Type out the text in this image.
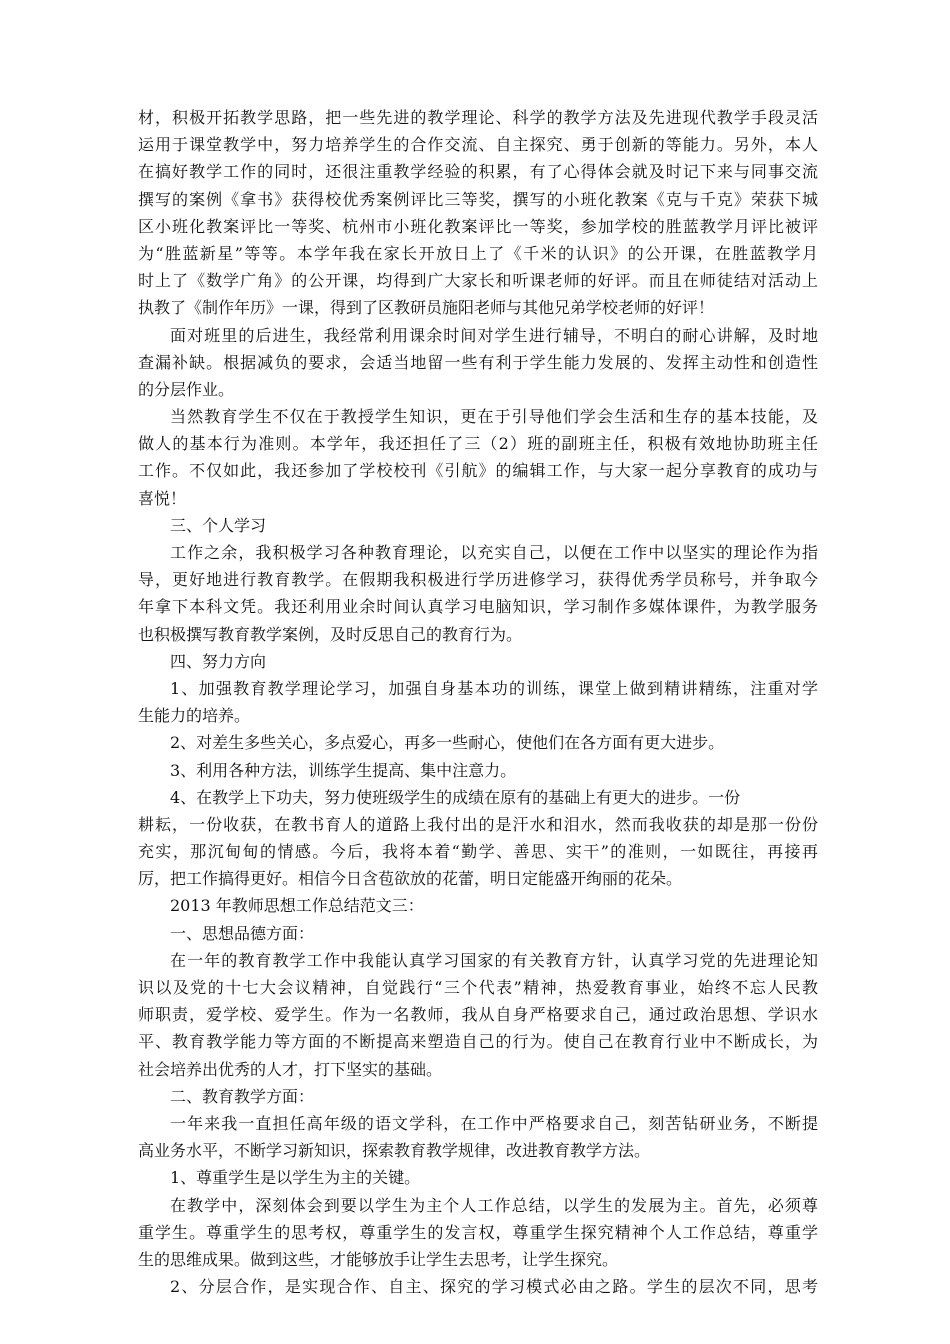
材，积极开拓教学思路，把一些先进的教学理论、科学的教学方法及先进现代教学手段灵活
运用于课堂教学中，努力培养学生的合作交流、自主探究、勇于创新的等能力。另外，本人
在搞好教学工作的同时，还很注重教学经验的积累，有了心得体会就及时记下来与同事交流
撰写的案例《拿书》获得校优秀案例评比三等奖，撰写的小班化教案《克与千克》荣获下城
区小班化教案评比一等奖、杭州市小班化教案评比一等奖，参加学校的胜蓝教学月评比被评
为“胜蓝新星”等等。本学年我在家长开放日上了《千米的认识》的公开课，在胜蓝教学月
时上了《数学广角》的公开课，均得到广大家长和听课老师的好评。而且在师徒结对活动上
执教了《制作年历》一课，得到了区教研员施阳老师与其他兄弟学校老师的好评！
面对班里的后进生，我经常利用课余时间对学生进行辅导，不明白的耐心讲解，及时地
查漏补缺。根据减负的要求，会适当地留一些有利于学生能力发展的、发挥主动性和创造性
的分层作业。
当然教育学生不仅在于教授学生知识，更在于引导他们学会生活和生存的基本技能，及
做人的基本行为准则。本学年，我还担任了三（2）班的副班主任，积极有效地协助班主任
工作。不仅如此，我还参加了学校校刊《引航》的编辑工作，与大家一起分享教育的成功与
喜悦！
三、个人学习
工作之余，我积极学习各种教育理论，以充实自己，以便在工作中以坚实的理论作为指
导，更好地进行教育教学。在假期我积极进行学历进修学习，获得优秀学员称号，并争取今
年拿下本科文凭。我还利用业余时间认真学习电脑知识，学习制作多媒体课件，为教学服务
也积极撰写教育教学案例，及时反思自己的教育行为。
四、努力方向
1、加强教育教学理论学习，加强自身基本功的训练，课堂上做到精讲精练，注重对学
生能力的培养。
2、对差生多些关心，多点爱心，再多一些耐心，使他们在各方面有更大进步。
3、利用各种方法，训练学生提高、集中注意力。
4、在教学上下功夫，努力使班级学生的成绩在原有的基础上有更大的进步。一份
耕耘，一份收获，在教书育人的道路上我付出的是汗水和泪水，然而我收获的却是那一份份
充实，那沉甸甸的情感。今后，我将本着“勤学、善思、实干”的准则，一如既往，再接再
厉，把工作搞得更好。相信今日含苞欲放的花蕾，明日定能盛开绚丽的花朵。
2013 年教师思想工作总结范文三：
一、思想品德方面：
在一年的教育教学工作中我能认真学习国家的有关教育方针，认真学习党的先进理论知
识以及党的十七大会议精神，自觉践行“三个代表”精神，热爱教育事业，始终不忘人民教
师职责，爱学校、爱学生。作为一名教师，我从自身严格要求自己，通过政治思想、学识水
平、教育教学能力等方面的不断提高来塑造自己的行为。使自己在教育行业中不断成长，为
社会培养出优秀的人才，打下坚实的基础。
二、教育教学方面：
一年来我一直担任高年级的语文学科，在工作中严格要求自己，刻苦钻研业务，不断提
高业务水平，不断学习新知识，探索教育教学规律，改进教育教学方法。
1、尊重学生是以学生为主的关键。
在教学中，深刻体会到要以学生为主个人工作总结，以学生的发展为主。首先，必须尊
重学生。尊重学生的思考权，尊重学生的发言权，尊重学生探究精神个人工作总结，尊重学
生的思维成果。做到这些，才能够放手让学生去思考，让学生探究。
2、分层合作，是实现合作、自主、探究的学习模式必由之路。学生的层次不同，思考
